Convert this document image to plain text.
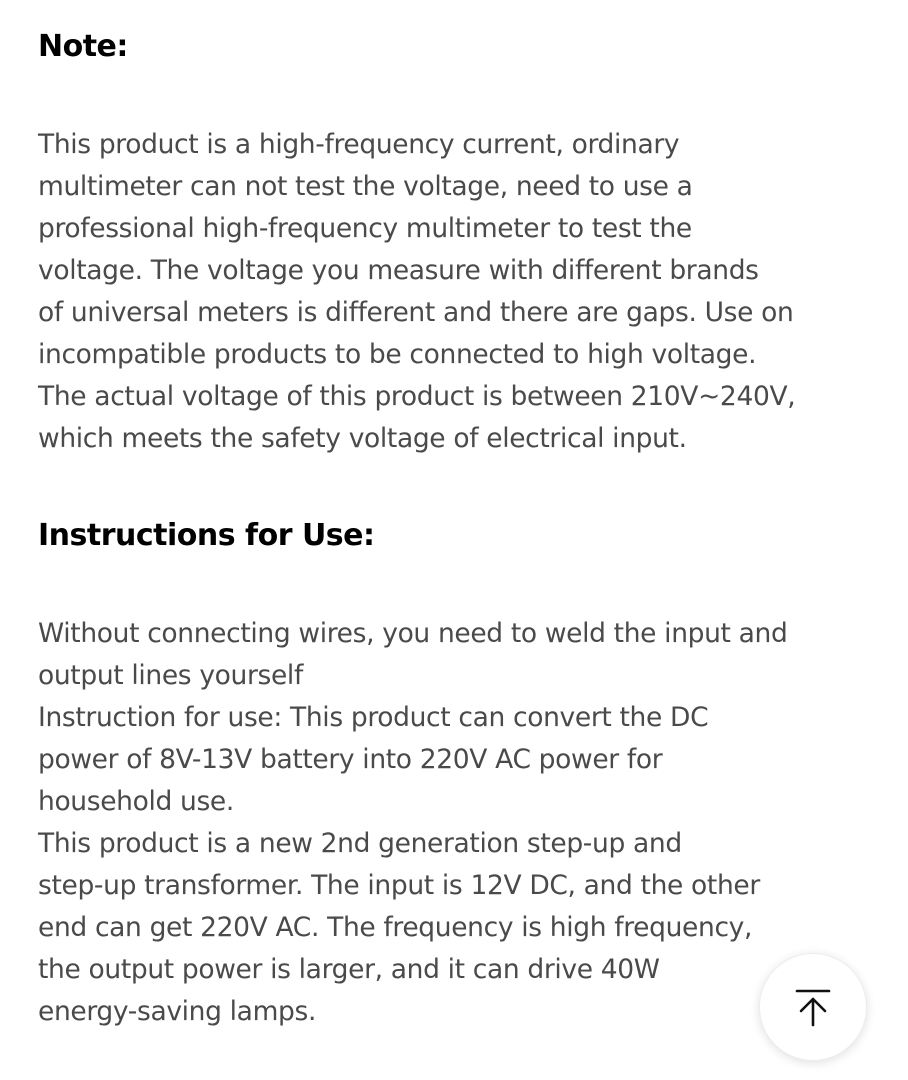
Note:
This product is a high-frequency current, ordinary
multimeter can not test the voltage, need to use a
professional high-frequency multimeter to test the
voltage. The voltage you measure with different brands
of universal meters is different and there are gaps. Use on
incompatible products to be connected to high voltage.
The actual voltage of this product is between 210V~240V,
which meets the safety voltage of electrical input.
Instructions for Use:
Without connecting wires, you need to weld the input and
output lines yourself
Instruction for use: This product can convert the DC
power of 8V-13V battery into 220V AC power for
household use.
This product is a new 2nd generation step-up and
step-up transformer. The input is 12V DC, and the other
end can get 220V AC. The frequency is high frequency,
the output power is larger, and it can drive 40W
energy-saving lamps.
